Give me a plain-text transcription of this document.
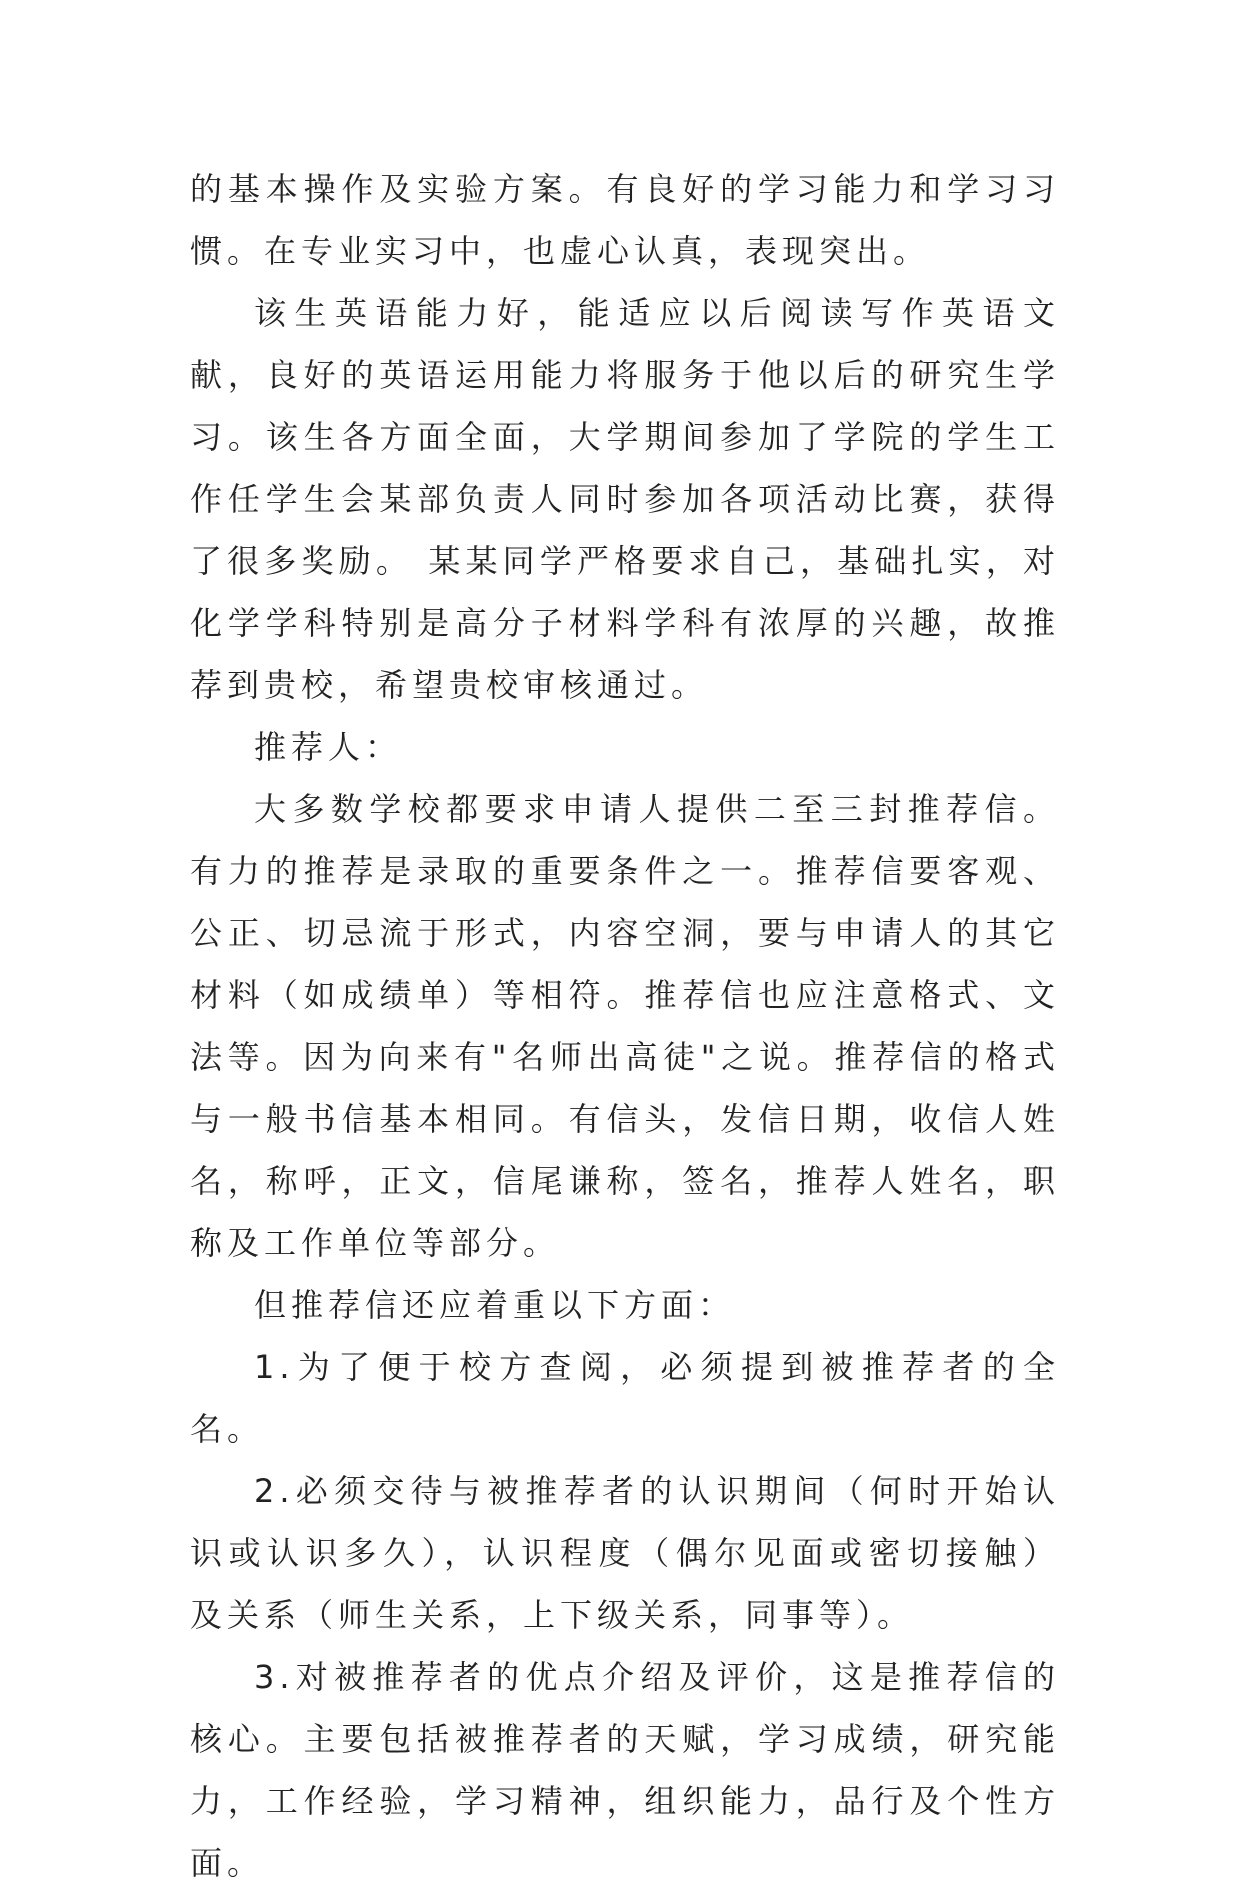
的基本操作及实验方案。有良好的学习能力和学习习惯。在专业实习中，也虚心认真，表现突出。

该生英语能力好，能适应以后阅读写作英语文献，良好的英语运用能力将服务于他以后的研究生学习。该生各方面全面，大学期间参加了学院的学生工作任学生会某部负责人同时参加各项活动比赛，获得了很多奖励。 某某同学严格要求自己，基础扎实，对化学学科特别是高分子材料学科有浓厚的兴趣，故推荐到贵校，希望贵校审核通过。

推荐人：

大多数学校都要求申请人提供二至三封推荐信。有力的推荐是录取的重要条件之一。推荐信要客观、公正、切忌流于形式，内容空洞，要与申请人的其它材料（如成绩单）等相符。推荐信也应注意格式、文法等。因为向来有"名师出高徒"之说。推荐信的格式与一般书信基本相同。有信头，发信日期，收信人姓名，称呼，正文，信尾谦称，签名，推荐人姓名，职称及工作单位等部分。

但推荐信还应着重以下方面：

1.为了便于校方查阅，必须提到被推荐者的全名。

2.必须交待与被推荐者的认识期间（何时开始认识或认识多久），认识程度（偶尔见面或密切接触）及关系（师生关系，上下级关系，同事等）。

3.对被推荐者的优点介绍及评价，这是推荐信的核心。主要包括被推荐者的天赋，学习成绩，研究能力，工作经验，学习精神，组织能力，品行及个性方面。
